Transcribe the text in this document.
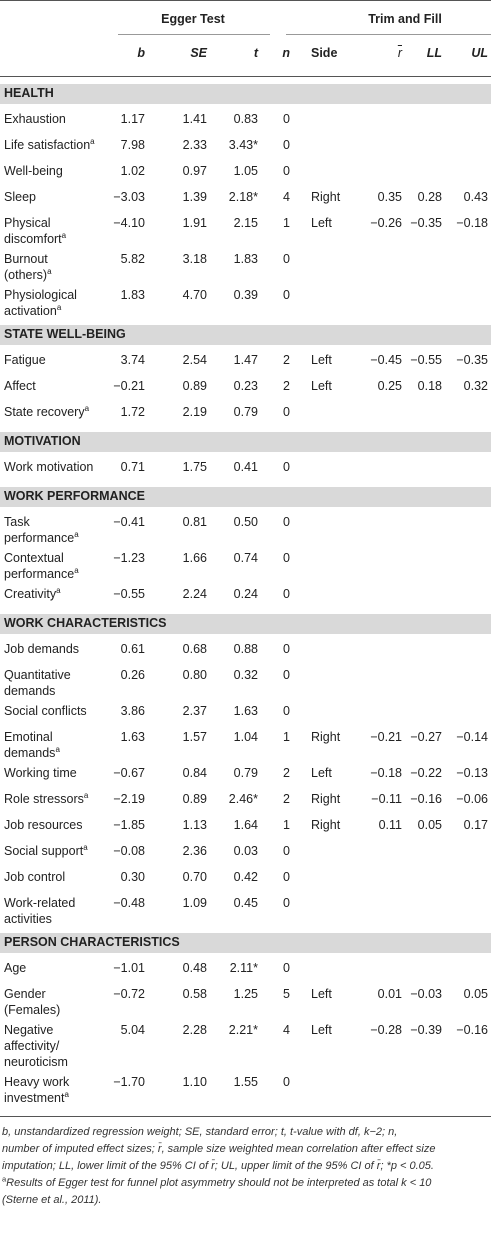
Egger Test	Trim and Fill
b	SE	t n Side	$\overline{r}$ LL UL
HEALTH
Exhaustion	1.17	1.41 0.83 0
Life satisfaction$^a$ 7.98	2.33 3.43* 0
Well-being	1.02	0.97 1.05 0
Sleep	−3.03	1.39 2.18* 4 Right	0.35 0.28 0.43
Physical
discomfort$^a$
−4.10	1.91 2.15 1 Left	−0.26 −0.35 −0.18
Burnout
(others)$^a$
5.82	3.18 1.83 0
Physiological
activation$^a$
1.83	4.70 0.39 0
STATE WELL-BEING
Fatigue	3.74	2.54 1.47 2 Left	−0.45 −0.55 −0.35
Affect	−0.21	0.89 0.23 2 Left	0.25 0.18 0.32
State recovery$^a$	1.72	2.19 0.79 0
MOTIVATION
Work motivation 0.71	1.75 0.41 0
WORK PERFORMANCE
Task
performance$^a$
−0.41	0.81 0.50 0
Contextual
performance$^a$
−1.23	1.66 0.74 0
Creativity$^a$	−0.55	2.24 0.24 0
WORK CHARACTERISTICS
Job demands	0.61	0.68 0.88 0
Quantitative
demands
0.26	0.80 0.32 0
Social conflicts	3.86	2.37 1.63 0
Emotinal
demands$^a$
1.63	1.57 1.04 1 Right −0.21 −0.27 −0.14
Working time	−0.67	0.84 0.79 2 Left	−0.18 −0.22 −0.13
Role stressors$^a$ −2.19	0.89 2.46* 2 Right −0.11 −0.16 −0.06
Job resources −1.85	1.13 1.64 1 Right	0.11 0.05 0.17
Social support$^a$ −0.08	2.36 0.03 0
Job control	0.30	0.70 0.42 0
Work-related
activities
−0.48	1.09 0.45 0
PERSON CHARACTERISTICS
Age	−1.01	0.48 2.11* 0
Gender
(Females)
−0.72	0.58 1.25 5 Left	0.01 −0.03 0.05
Negative
affectivity/
neuroticism
5.04	2.28 2.21* 4 Left	−0.28 −0.39 −0.16
Heavy work
investment$^a$
−1.70	1.10 1.55 0
b, unstandardized regression weight; SE, standard error; t, t-value with df, k−2; n,
number of imputed effect sizes; r̄, sample size weighted mean correlation after effect size
imputation; LL, lower limit of the 95% CI of r̄; UL, upper limit of the 95% CI of r̄; *p < 0.05.
$^a$Results of Egger test for funnel plot asymmetry should not be interpreted as total k < 10
(Sterne et al., 2011).
